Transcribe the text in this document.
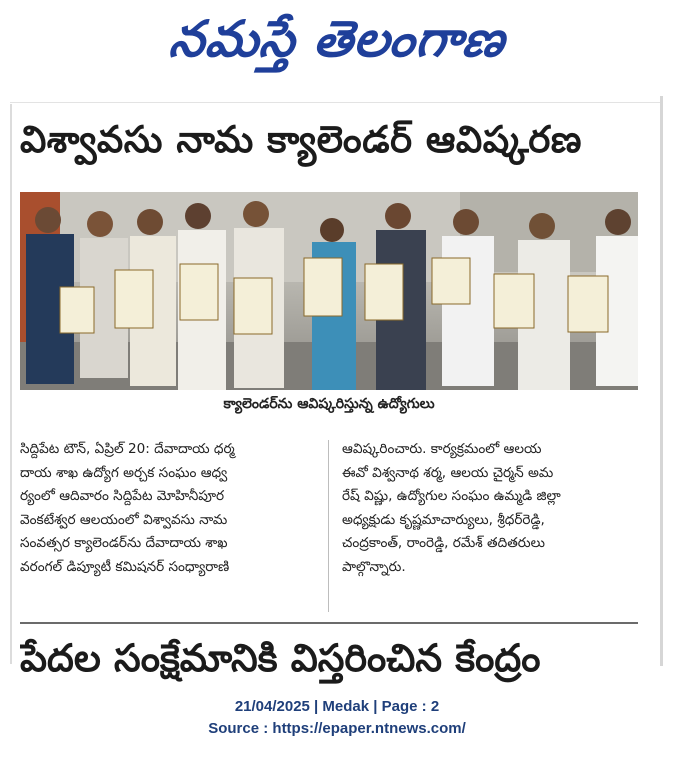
నమస్తే తెలంగాణ
విశ్వావసు నామ క్యాలెండర్ ఆవిష్కరణ
క్యాలెండర్‌ను ఆవిష్కరిస్తున్న ఉద్యోగులు
సిద్దిపేట టౌన్, ఏప్రిల్ 20: దేవాదాయ ధర్మ
దాయ శాఖ ఉద్యోగ అర్చక సంఘం ఆధ్వ
ర్యంలో ఆదివారం సిద్దిపేట మోహినీపూర
వెంకటేశ్వర ఆలయంలో విశ్వావసు నామ
సంవత్సర క్యాలెండర్‌ను దేవాదాయ శాఖ
వరంగల్ డిప్యూటీ కమిషనర్ సంధ్యారాణి
ఆవిష్కరించారు. కార్యక్రమంలో ఆలయ
ఈవో విశ్వనాథ శర్మ, ఆలయ చైర్మన్ అమ
రేష్ విష్ణు, ఉద్యోగుల సంఘం ఉమ్మడి జిల్లా
అధ్యక్షుడు కృష్ణమాచార్యులు, శ్రీధర్‌రెడ్డి,
చంద్రకాంత్, రాంరెడ్డి, రమేశ్ తదితరులు
పాల్గొన్నారు.
పేదల సంక్షేమానికి విస్తరించిన కేంద్రం
21/04/2025 | Medak | Page : 2
Source : https://epaper.ntnews.com/
